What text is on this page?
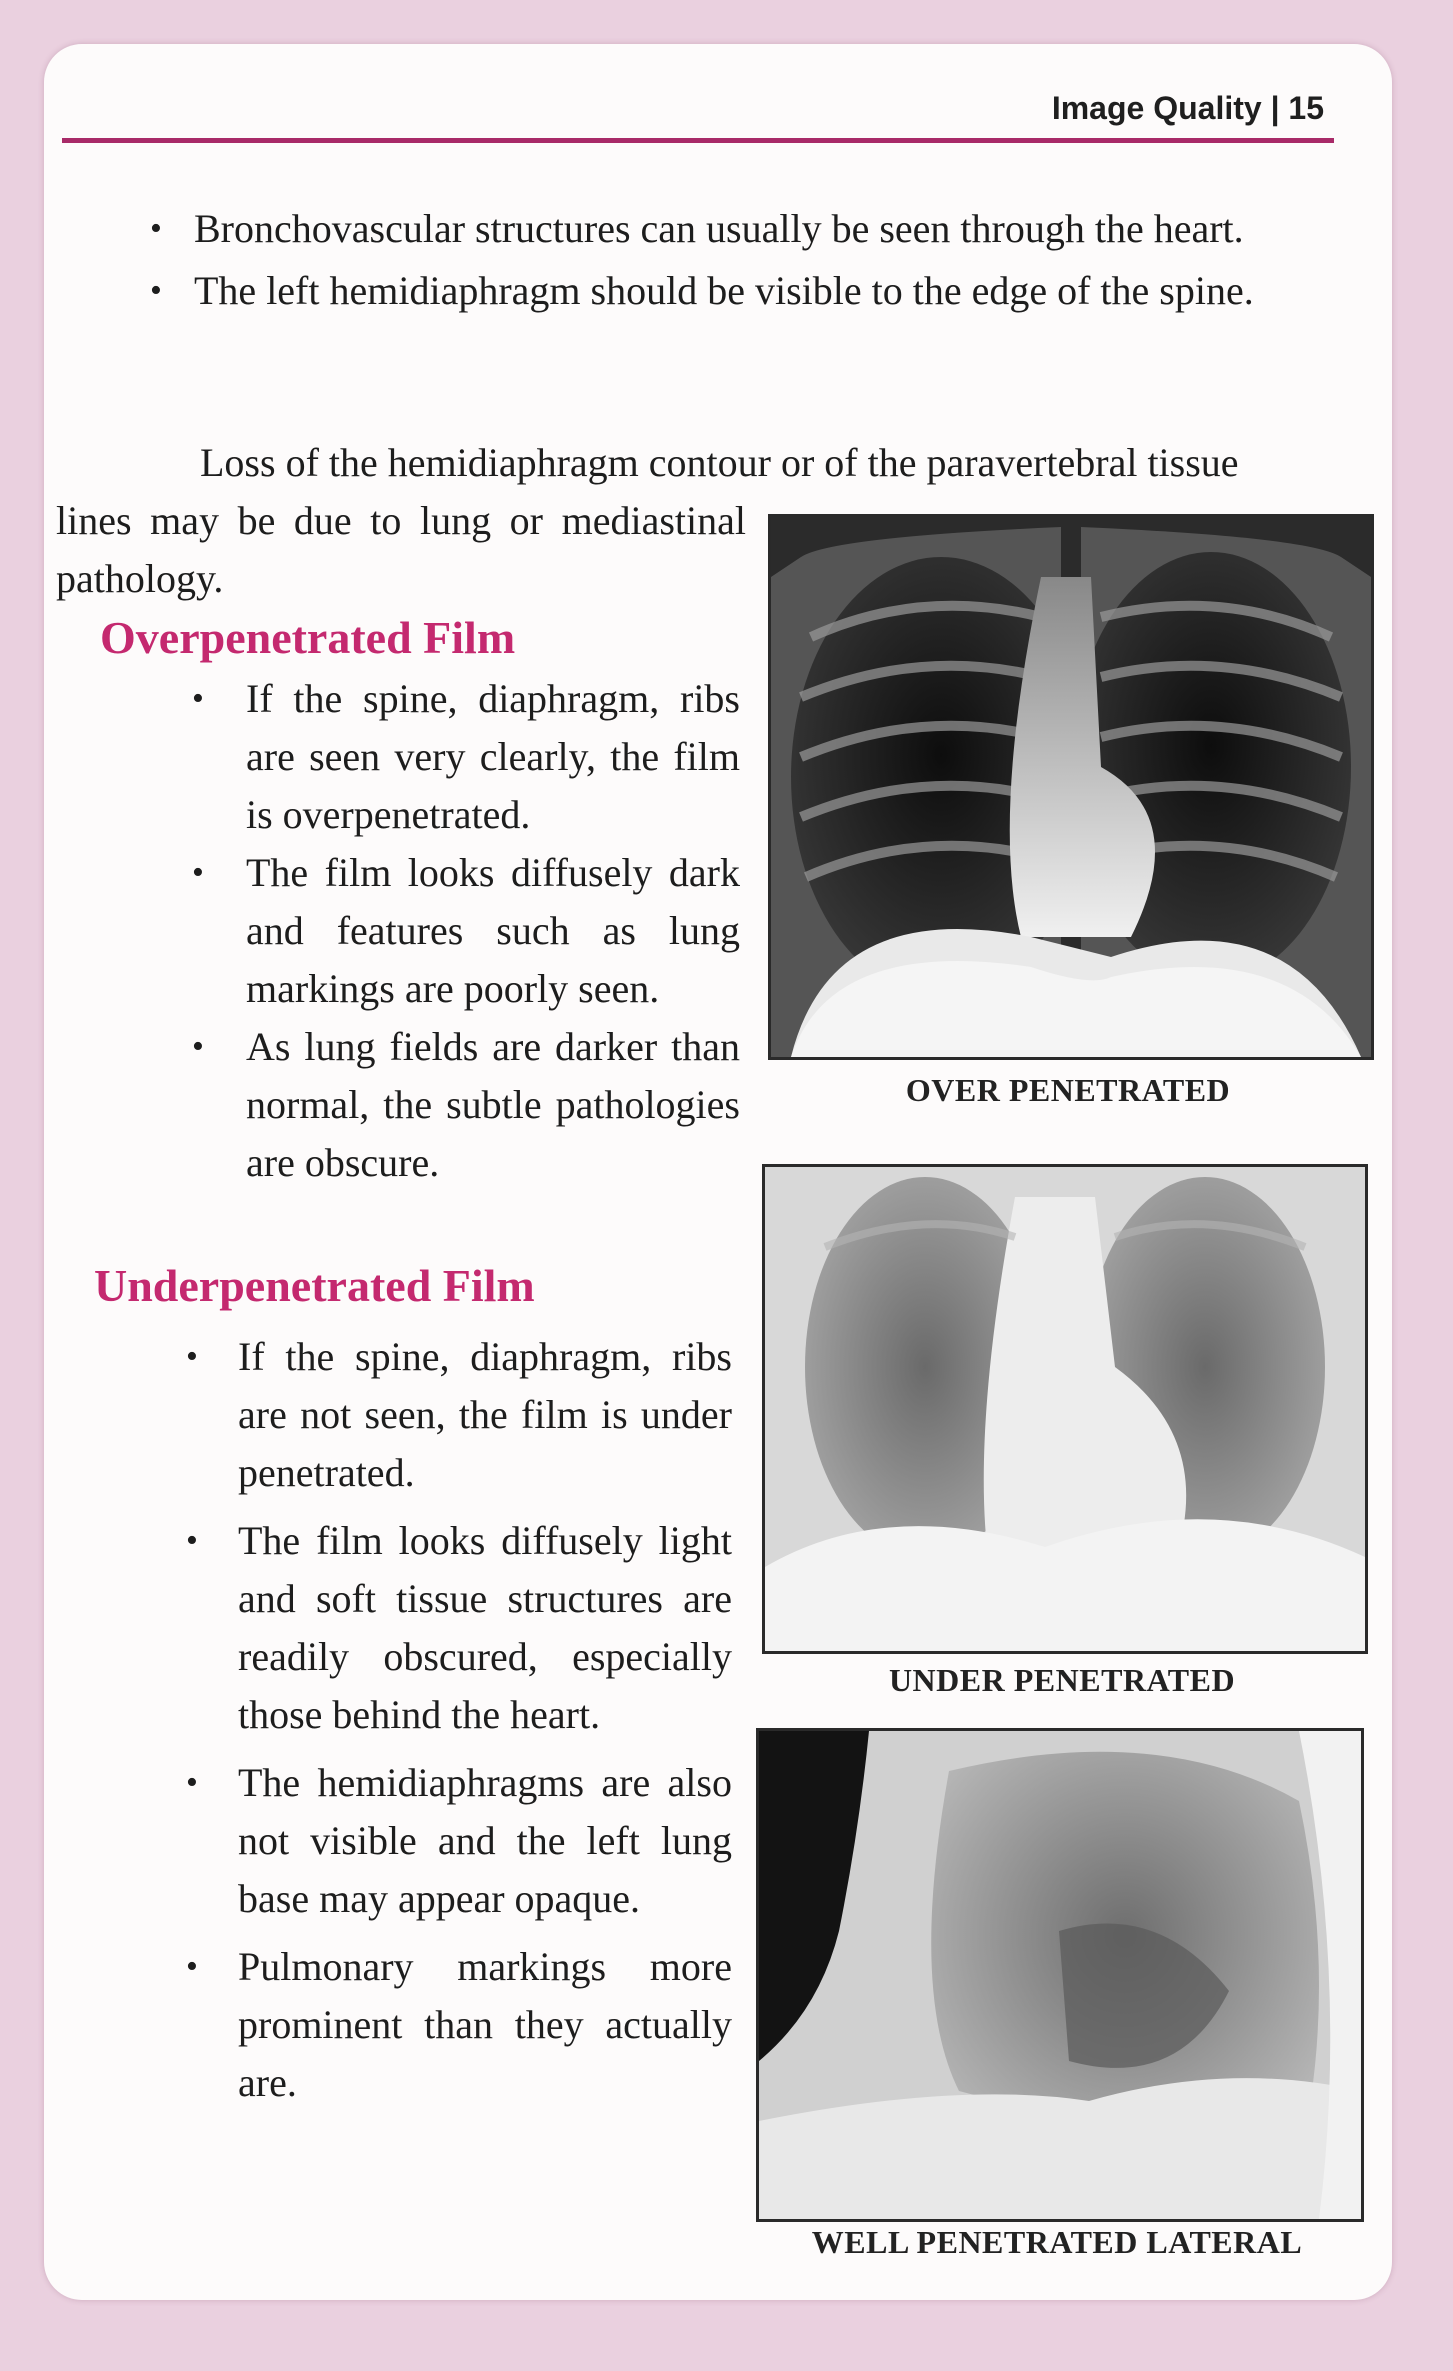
Image Quality | 15

• Bronchovascular structures can usually be seen through the heart.

• The left hemidiaphragm should be visible to the edge of the spine.

Loss of the hemidiaphragm contour or of the paravertebral tissue
lines may be due to lung or mediastinal pathology.
Overpenetrated Film

•	If the spine, diaphragm, ribs are seen very clearly, the film is overpenetrated.

•	The film looks diffusely dark and features such as lung markings are poorly seen.

•	As lung fields are darker than normal, the subtle pathologies are obscure.

Underpenetrated Film

•	If the spine, diaphragm, ribs are not seen, the film is under penetrated.

•	The film looks diffusely light and soft tissue structures are readily obscured, especially those behind the heart.

•	The hemidiaphragms are also not visible and the left lung base may appear opaque.

•	Pulmonary markings more prominent than they actually are.

OVER PENETRATED
UNDER PENETRATED
WELL PENETRATED LATERAL
